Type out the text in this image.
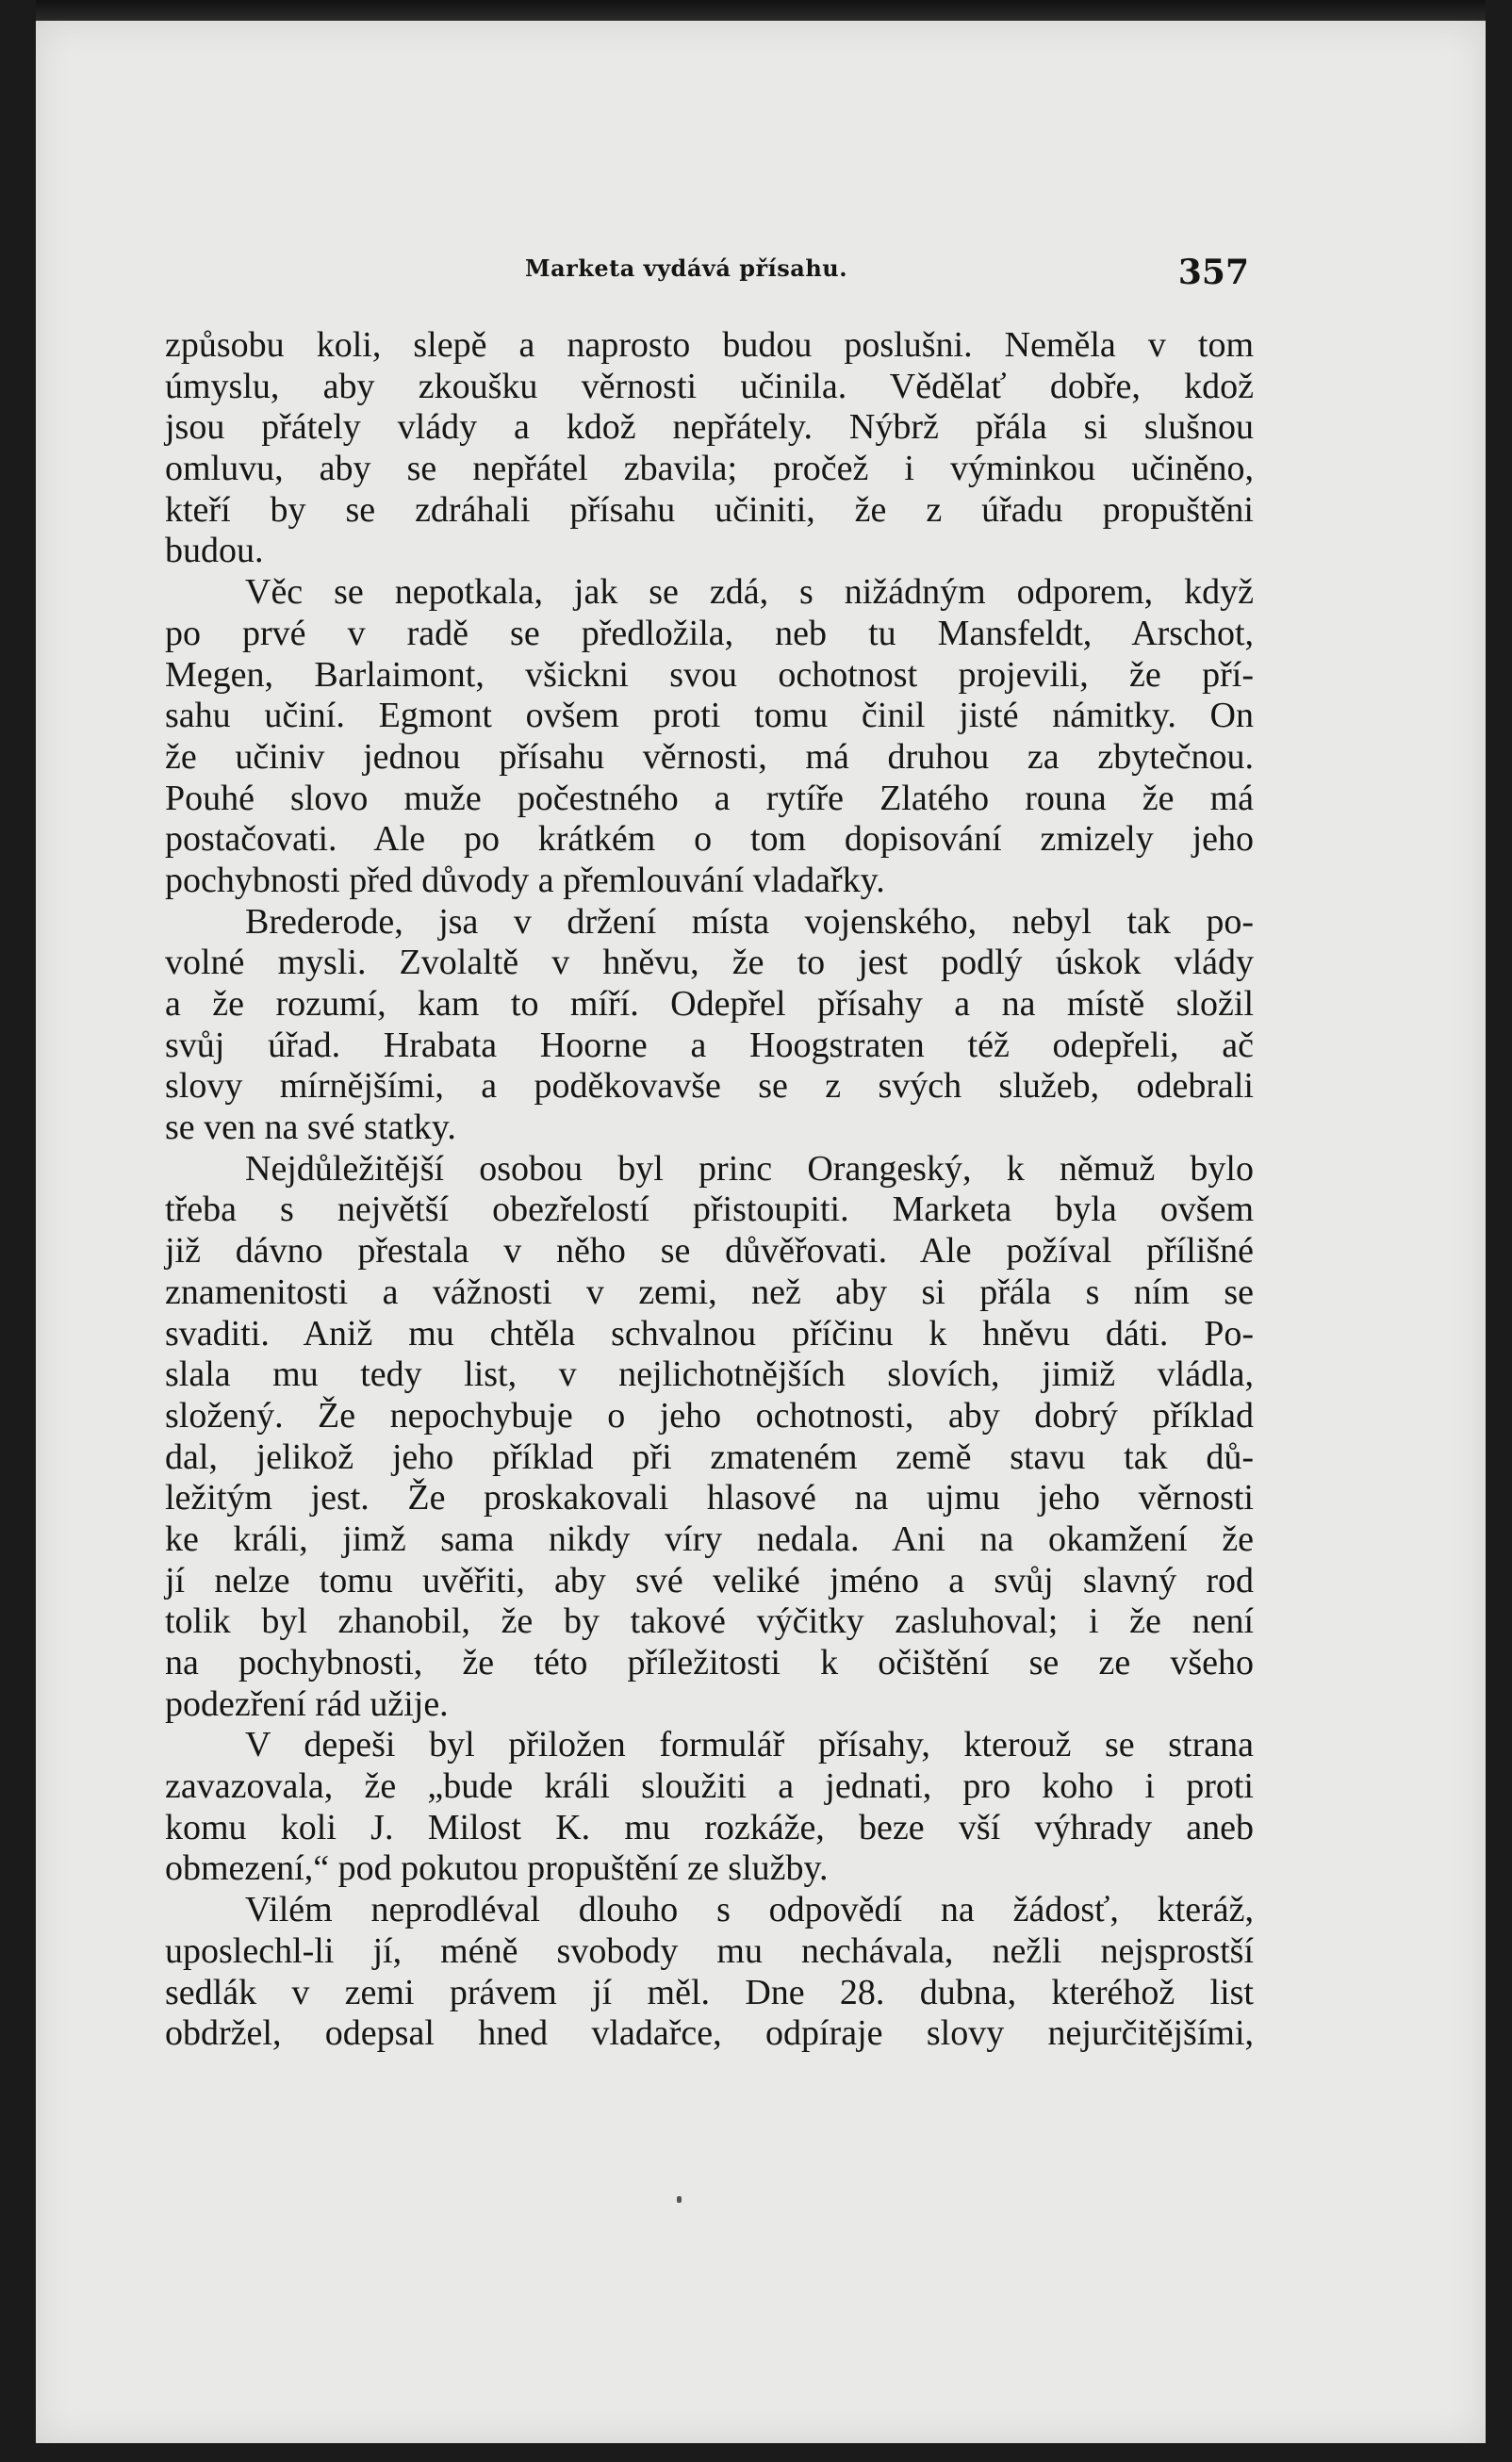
Marketa vydává přísahu.	357
způsobu koli, slepě a naprosto budou poslušni. Neměla v tom
úmyslu, aby zkoušku věrnosti učinila. Vědělať dobře, kdož
jsou přátely vlády a kdož nepřátely. Nýbrž přála si slušnou
omluvu, aby se nepřátel zbavila; pročež i výminkou učiněno,
kteří by se zdráhali přísahu učiniti, že z úřadu propuštěni
budou.
Věc se nepotkala, jak se zdá, s nižádným odporem, když
po prvé v radě se předložila, neb tu Mansfeldt, Arschot,
Megen, Barlaimont, všickni svou ochotnost projevili, že pří-
sahu učiní. Egmont ovšem proti tomu činil jisté námitky. On
že učiniv jednou přísahu věrnosti, má druhou za zbytečnou.
Pouhé slovo muže počestného a rytíře Zlatého rouna že má
postačovati. Ale po krátkém o tom dopisování zmizely jeho
pochybnosti před důvody a přemlouvání vladařky.
Brederode, jsa v držení místa vojenského, nebyl tak po-
volné mysli. Zvolaltě v hněvu, že to jest podlý úskok vlády
a že rozumí, kam to míří. Odepřel přísahy a na místě složil
svůj úřad. Hrabata Hoorne a Hoogstraten též odepřeli, ač
slovy mírnějšími, a poděkovavše se z svých služeb, odebrali
se ven na své statky.
Nejdůležitější osobou byl princ Orangeský, k němuž bylo
třeba s největší obezřelostí přistoupiti. Marketa byla ovšem
již dávno přestala v něho se důvěřovati. Ale požíval přílišné
znamenitosti a vážnosti v zemi, než aby si přála s ním se
svaditi. Aniž mu chtěla schvalnou příčinu k hněvu dáti. Po-
slala mu tedy list, v nejlichotnějších slovích, jimiž vládla,
složený. Že nepochybuje o jeho ochotnosti, aby dobrý příklad
dal, jelikož jeho příklad při zmateném země stavu tak dů-
ležitým jest. Že proskakovali hlasové na ujmu jeho věrnosti
ke králi, jimž sama nikdy víry nedala. Ani na okamžení že
jí nelze tomu uvěřiti, aby své veliké jméno a svůj slavný rod
tolik byl zhanobil, že by takové výčitky zasluhoval; i že není
na pochybnosti, že této příležitosti k očištění se ze všeho
podezření rád užije.
V depeši byl přiložen formulář přísahy, kterouž se strana
zavazovala, že „bude králi sloužiti a jednati, pro koho i proti
komu koli J. Milost K. mu rozkáže, beze vší výhrady aneb
obmezení,“ pod pokutou propuštění ze služby.
Vilém neprodléval dlouho s odpovědí na žádosť, kteráž,
uposlechl-li jí, méně svobody mu nechávala, nežli nejsprostší
sedlák v zemi právem jí měl. Dne 28. dubna, kteréhož list
obdržel, odepsal hned vladařce, odpíraje slovy nejurčitějšími,
